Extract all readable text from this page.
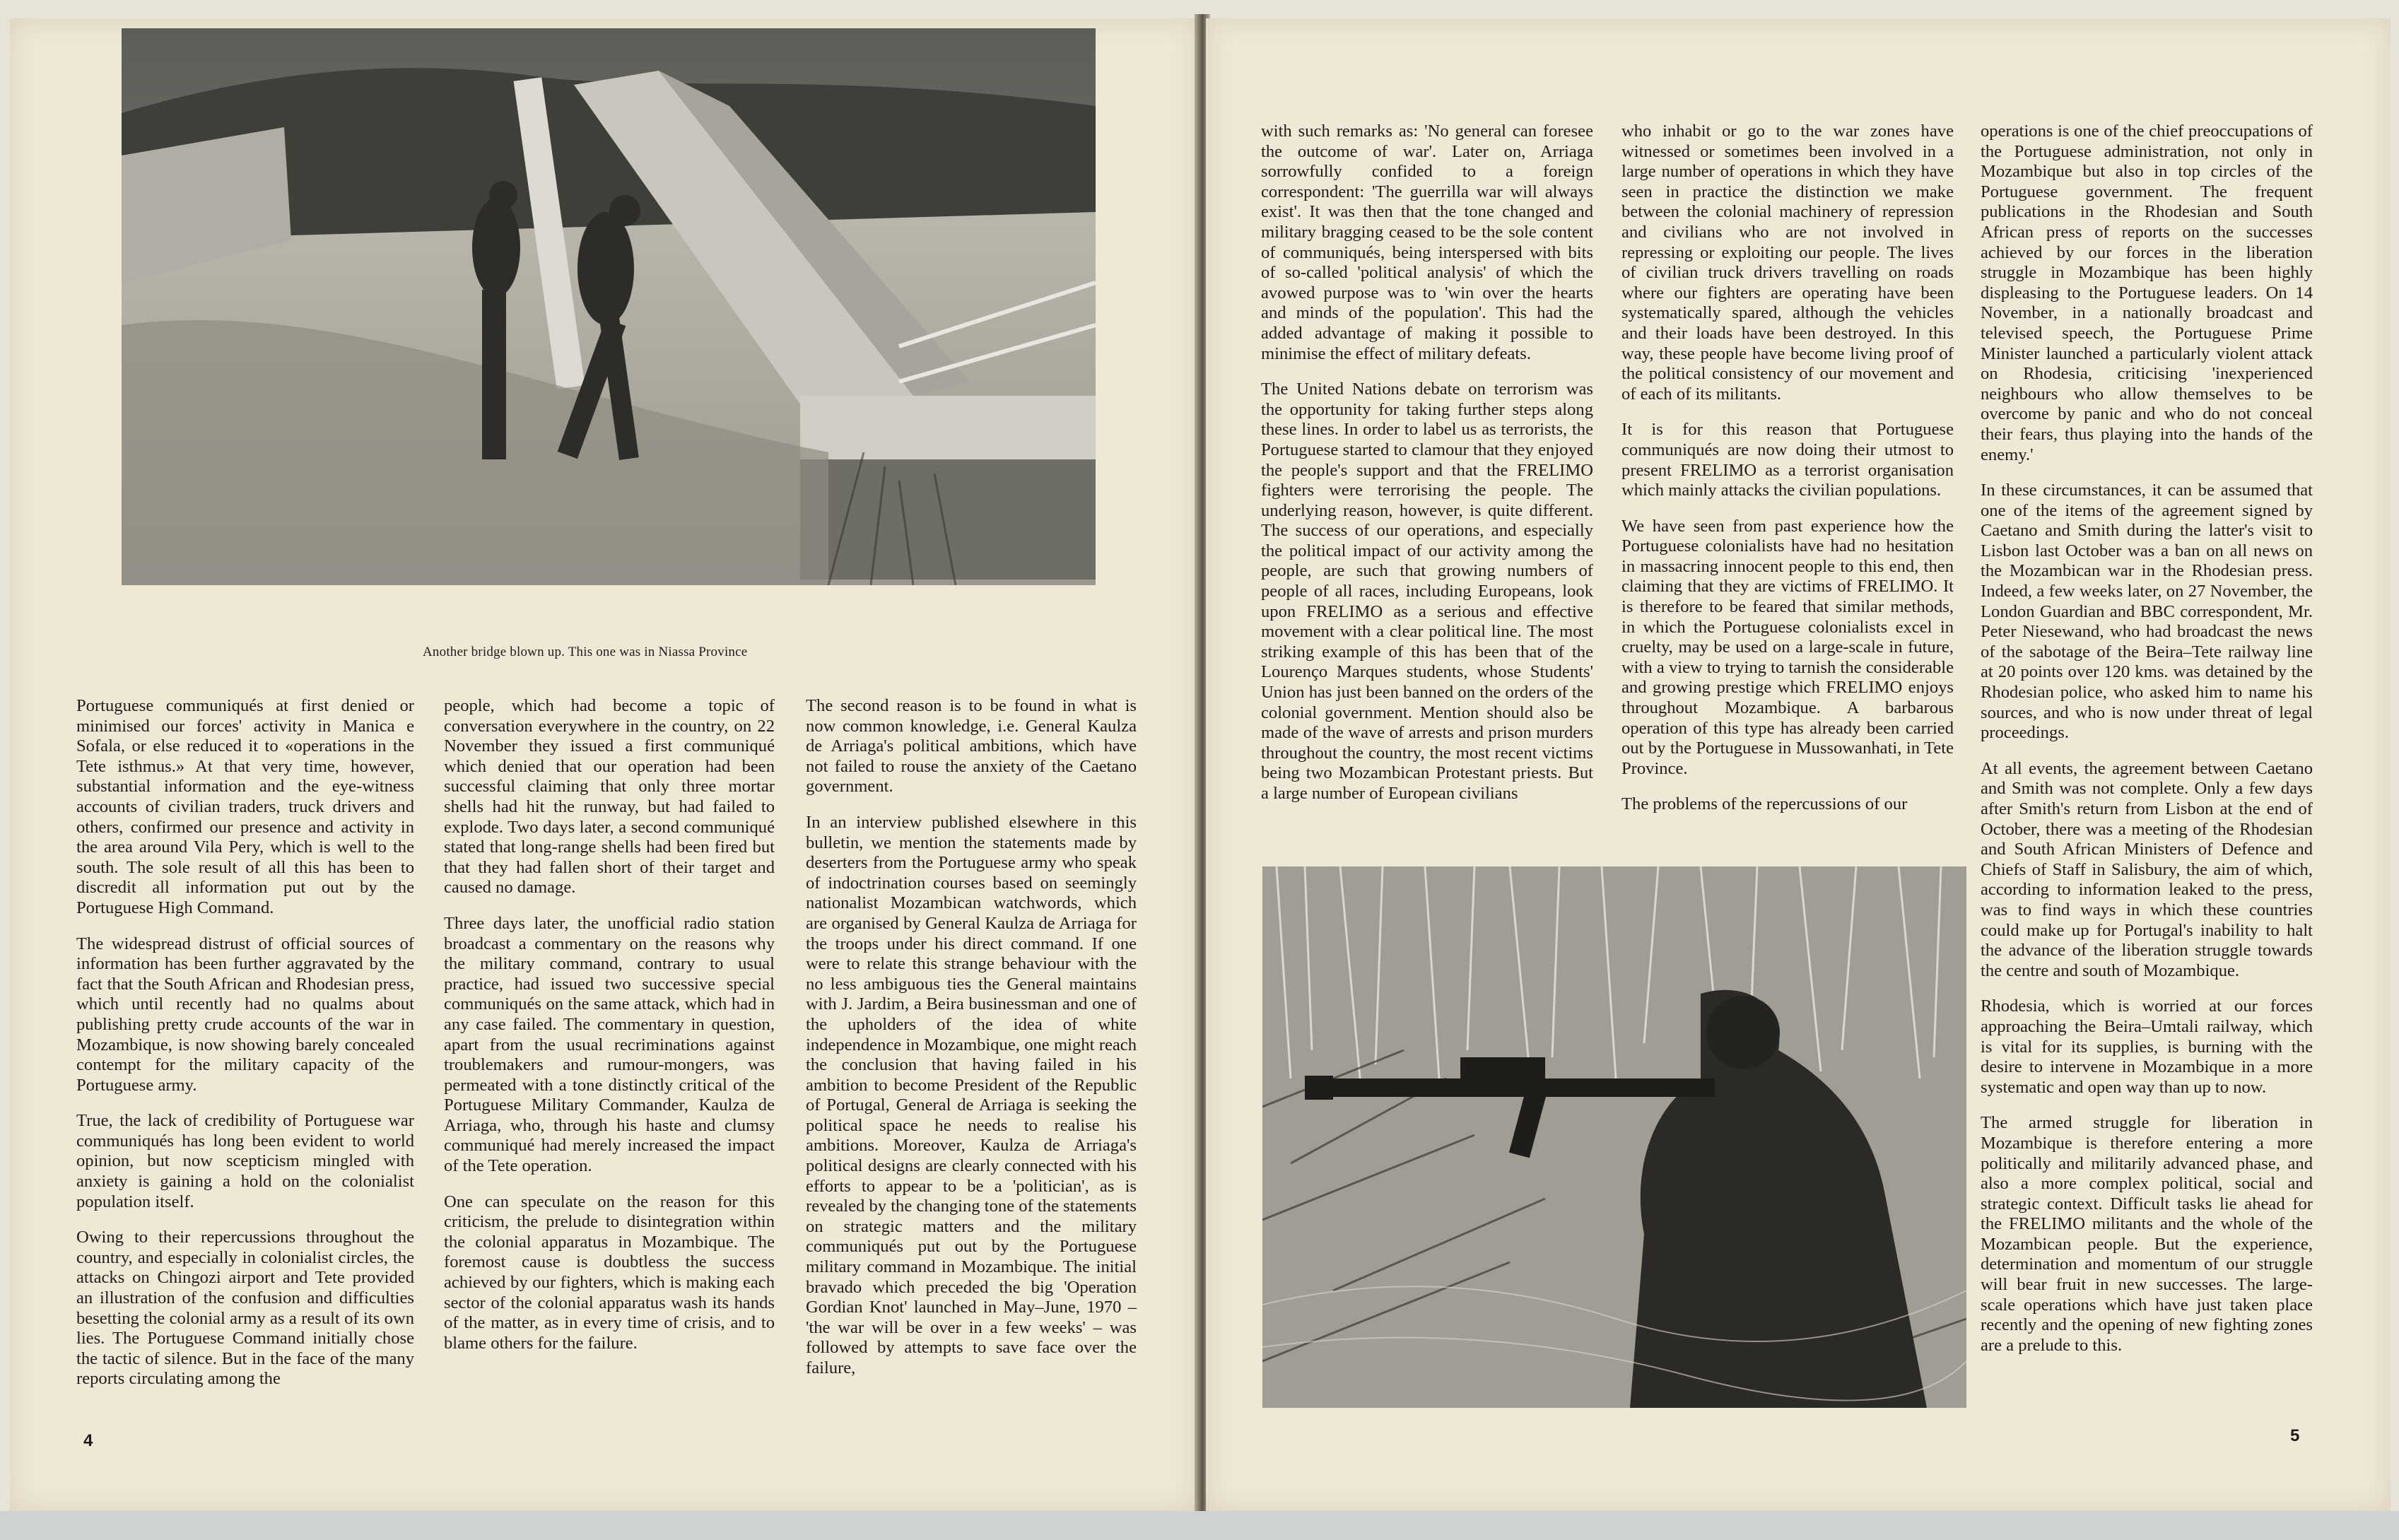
Another bridge blown up. This one was in Niassa Province

Portuguese communiqués at first denied or minimised our forces' activity in Manica e Sofala, or else reduced it to «operations in the Tete isthmus.» At that very time, however, substantial information and the eye-witness accounts of civilian traders, truck drivers and others, confirmed our presence and activity in the area around Vila Pery, which is well to the south. The sole result of all this has been to discredit all information put out by the Portuguese High Command.

The widespread distrust of official sources of information has been further aggravated by the fact that the South African and Rhodesian press, which until recently had no qualms about publishing pretty crude accounts of the war in Mozambique, is now showing barely concealed contempt for the military capacity of the Portuguese army.

True, the lack of credibility of Portuguese war communiqués has long been evident to world opinion, but now scepticism mingled with anxiety is gaining a hold on the colonialist population itself.

Owing to their repercussions throughout the country, and especially in colonialist circles, the attacks on Chingozi airport and Tete provided an illustration of the confusion and difficulties besetting the colonial army as a result of its own lies. The Portuguese Command initially chose the tactic of silence. But in the face of the many reports circulating among the

people, which had become a topic of conversation everywhere in the country, on 22 November they issued a first communiqué which denied that our operation had been successful claiming that only three mortar shells had hit the runway, but had failed to explode. Two days later, a second communiqué stated that long-range shells had been fired but that they had fallen short of their target and caused no damage.

Three days later, the unofficial radio station broadcast a commentary on the reasons why the military command, contrary to usual practice, had issued two successive special communiqués on the same attack, which had in any case failed. The commentary in question, apart from the usual recriminations against troublemakers and rumour-mongers, was permeated with a tone distinctly critical of the Portuguese Military Commander, Kaulza de Arriaga, who, through his haste and clumsy communiqué had merely increased the impact of the Tete operation.

One can speculate on the reason for this criticism, the prelude to disintegration within the colonial apparatus in Mozambique. The foremost cause is doubtless the success achieved by our fighters, which is making each sector of the colonial apparatus wash its hands of the matter, as in every time of crisis, and to blame others for the failure.

The second reason is to be found in what is now common knowledge, i.e. General Kaulza de Arriaga's political ambitions, which have not failed to rouse the anxiety of the Caetano government.

In an interview published elsewhere in this bulletin, we mention the statements made by deserters from the Portuguese army who speak of indoctrination courses based on seemingly nationalist Mozambican watchwords, which are organised by General Kaulza de Arriaga for the troops under his direct command. If one were to relate this strange behaviour with the no less ambiguous ties the General maintains with J. Jardim, a Beira businessman and one of the upholders of the idea of white independence in Mozambique, one might reach the conclusion that having failed in his ambition to become President of the Republic of Portugal, General de Arriaga is seeking the political space he needs to realise his ambitions. Moreover, Kaulza de Arriaga's political designs are clearly connected with his efforts to appear to be a 'politician', as is revealed by the changing tone of the statements on strategic matters and the military communiqués put out by the Portuguese military command in Mozambique. The initial bravado which preceded the big 'Operation Gordian Knot' launched in May–June, 1970 – 'the war will be over in a few weeks' – was followed by attempts to save face over the failure,

4

with such remarks as: 'No general can foresee the outcome of war'. Later on, Arriaga sorrowfully confided to a foreign correspondent: 'The guerrilla war will always exist'. It was then that the tone changed and military bragging ceased to be the sole content of communiqués, being interspersed with bits of so-called 'political analysis' of which the avowed purpose was to 'win over the hearts and minds of the population'. This had the added advantage of making it possible to minimise the effect of military defeats.

The United Nations debate on terrorism was the opportunity for taking further steps along these lines. In order to label us as terrorists, the Portuguese started to clamour that they enjoyed the people's support and that the FRELIMO fighters were terrorising the people. The underlying reason, however, is quite different. The success of our operations, and especially the political impact of our activity among the people, are such that growing numbers of people of all races, including Europeans, look upon FRELIMO as a serious and effective movement with a clear political line. The most striking example of this has been that of the Lourenço Marques students, whose Students' Union has just been banned on the orders of the colonial government. Mention should also be made of the wave of arrests and prison murders throughout the country, the most recent victims being two Mozambican Protestant priests. But a large number of European civilians

who inhabit or go to the war zones have witnessed or sometimes been involved in a large number of operations in which they have seen in practice the distinction we make between the colonial machinery of repression and civilians who are not involved in repressing or exploiting our people. The lives of civilian truck drivers travelling on roads where our fighters are operating have been systematically spared, although the vehicles and their loads have been destroyed. In this way, these people have become living proof of the political consistency of our movement and of each of its militants.

It is for this reason that Portuguese communiqués are now doing their utmost to present FRELIMO as a terrorist organisation which mainly attacks the civilian populations.

We have seen from past experience how the Portuguese colonialists have had no hesitation in massacring innocent people to this end, then claiming that they are victims of FRELIMO. It is therefore to be feared that similar methods, in which the Portuguese colonialists excel in cruelty, may be used on a large-scale in future, with a view to trying to tarnish the considerable and growing prestige which FRELIMO enjoys throughout Mozambique. A barbarous operation of this type has already been carried out by the Portuguese in Mussowanhati, in Tete Province.

The problems of the repercussions of our

operations is one of the chief preoccupations of the Portuguese administration, not only in Mozambique but also in top circles of the Portuguese government. The frequent publications in the Rhodesian and South African press of reports on the successes achieved by our forces in the liberation struggle in Mozambique has been highly displeasing to the Portuguese leaders. On 14 November, in a nationally broadcast and televised speech, the Portuguese Prime Minister launched a particularly violent attack on Rhodesia, criticising 'inexperienced neighbours who allow themselves to be overcome by panic and who do not conceal their fears, thus playing into the hands of the enemy.'

In these circumstances, it can be assumed that one of the items of the agreement signed by Caetano and Smith during the latter's visit to Lisbon last October was a ban on all news on the Mozambican war in the Rhodesian press. Indeed, a few weeks later, on 27 November, the London Guardian and BBC correspondent, Mr. Peter Niesewand, who had broadcast the news of the sabotage of the Beira–Tete railway line at 20 points over 120 kms. was detained by the Rhodesian police, who asked him to name his sources, and who is now under threat of legal proceedings.

At all events, the agreement between Caetano and Smith was not complete. Only a few days after Smith's return from Lisbon at the end of October, there was a meeting of the Rhodesian and South African Ministers of Defence and Chiefs of Staff in Salisbury, the aim of which, according to information leaked to the press, was to find ways in which these countries could make up for Portugal's inability to halt the advance of the liberation struggle towards the centre and south of Mozambique.

Rhodesia, which is worried at our forces approaching the Beira–Umtali railway, which is vital for its supplies, is burning with the desire to intervene in Mozambique in a more systematic and open way than up to now.

The armed struggle for liberation in Mozambique is therefore entering a more politically and militarily advanced phase, and also a more complex political, social and strategic context. Difficult tasks lie ahead for the FRELIMO militants and the whole of the Mozambican people. But the experience, determination and momentum of our struggle will bear fruit in new successes. The large-scale operations which have just taken place recently and the opening of new fighting zones are a prelude to this.

5
